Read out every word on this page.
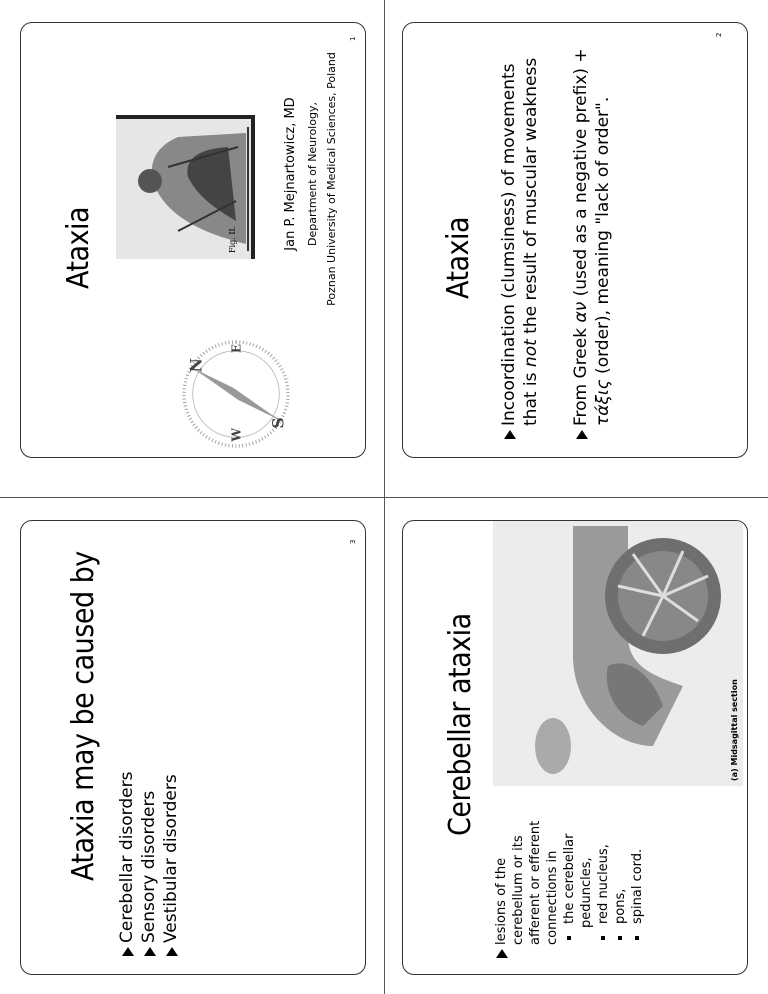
Ataxia Incoordination (clumsiness) of movements that is not the result of muscular weakness
From Greek αν (used as a negative prefix) +
τάξις (order), meaning "lack of order".
2
Ataxia
N
S
E
W
Fig. II.	Jan P. Mejnartowicz, MD Department of Neurology, Poznan University of Medical Sciences, Poland
1
Ataxia may be caused by Cerebellar disorders Sensory disorders Vestibular disorders
3
Cerebellar ataxia
lesions of the cerebellum or its afferent or efferent connections in the cerebellar peduncles, red nucleus, pons, spinal cord.
(a) Midsagittal section
